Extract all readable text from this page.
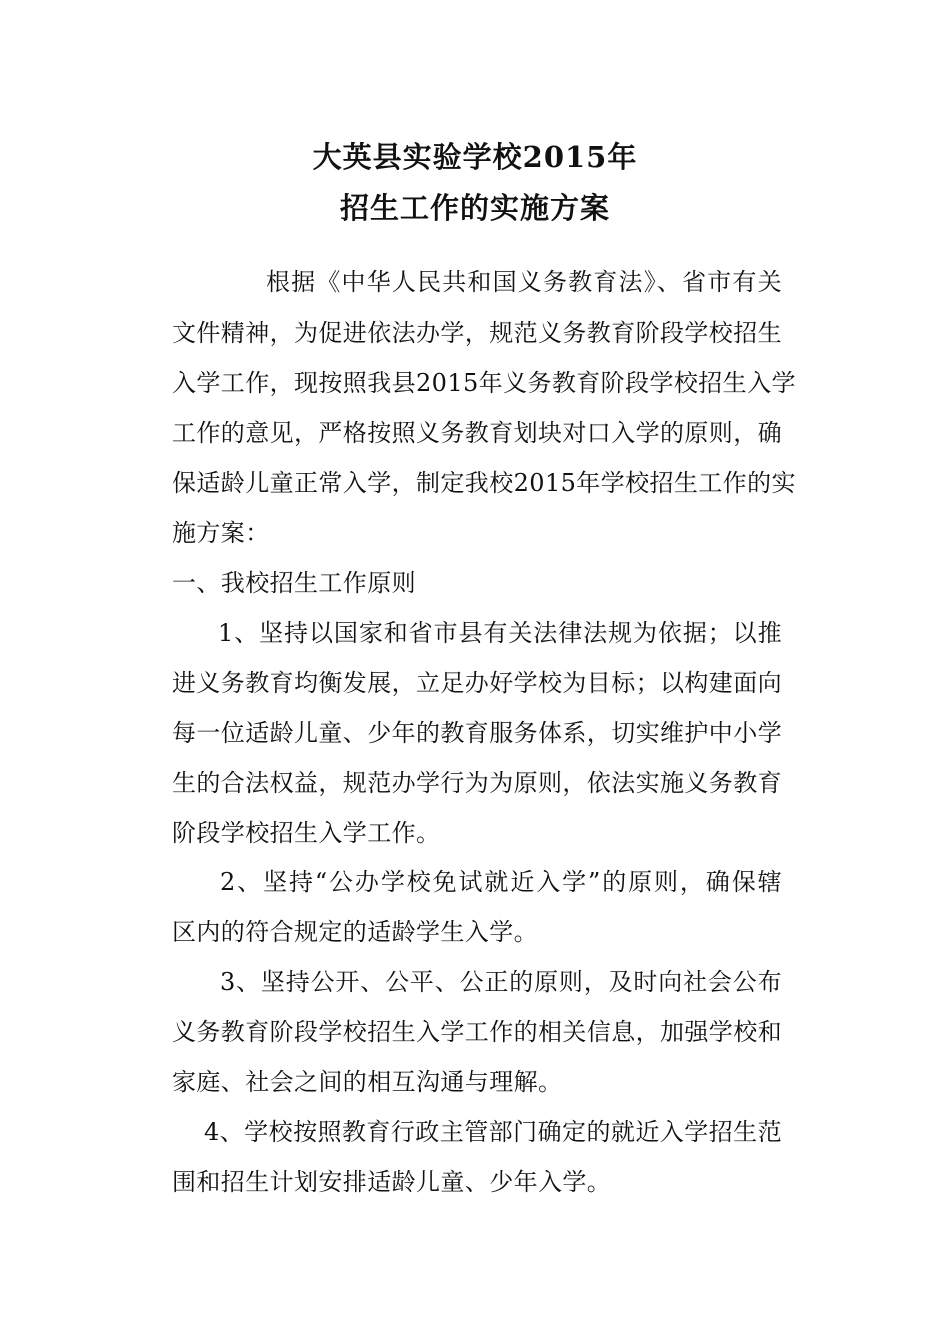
大英县实验学校2015年
招生工作的实施方案
根据《中华人民共和国义务教育法》、省市有关
文件精神，为促进依法办学，规范义务教育阶段学校招生
入学工作，现按照我县2015年义务教育阶段学校招生入学
工作的意见，严格按照义务教育划块对口入学的原则，确
保适龄儿童正常入学，制定我校2015年学校招生工作的实
施方案：
一、我校招生工作原则
1、坚持以国家和省市县有关法律法规为依据；以推
进义务教育均衡发展，立足办好学校为目标；以构建面向
每一位适龄儿童、少年的教育服务体系，切实维护中小学
生的合法权益，规范办学行为为原则，依法实施义务教育
阶段学校招生入学工作。
2、坚持“公办学校免试就近入学”的原则，确保辖
区内的符合规定的适龄学生入学。
3、坚持公开、公平、公正的原则，及时向社会公布
义务教育阶段学校招生入学工作的相关信息，加强学校和
家庭、社会之间的相互沟通与理解。
4、学校按照教育行政主管部门确定的就近入学招生范
围和招生计划安排适龄儿童、少年入学。
